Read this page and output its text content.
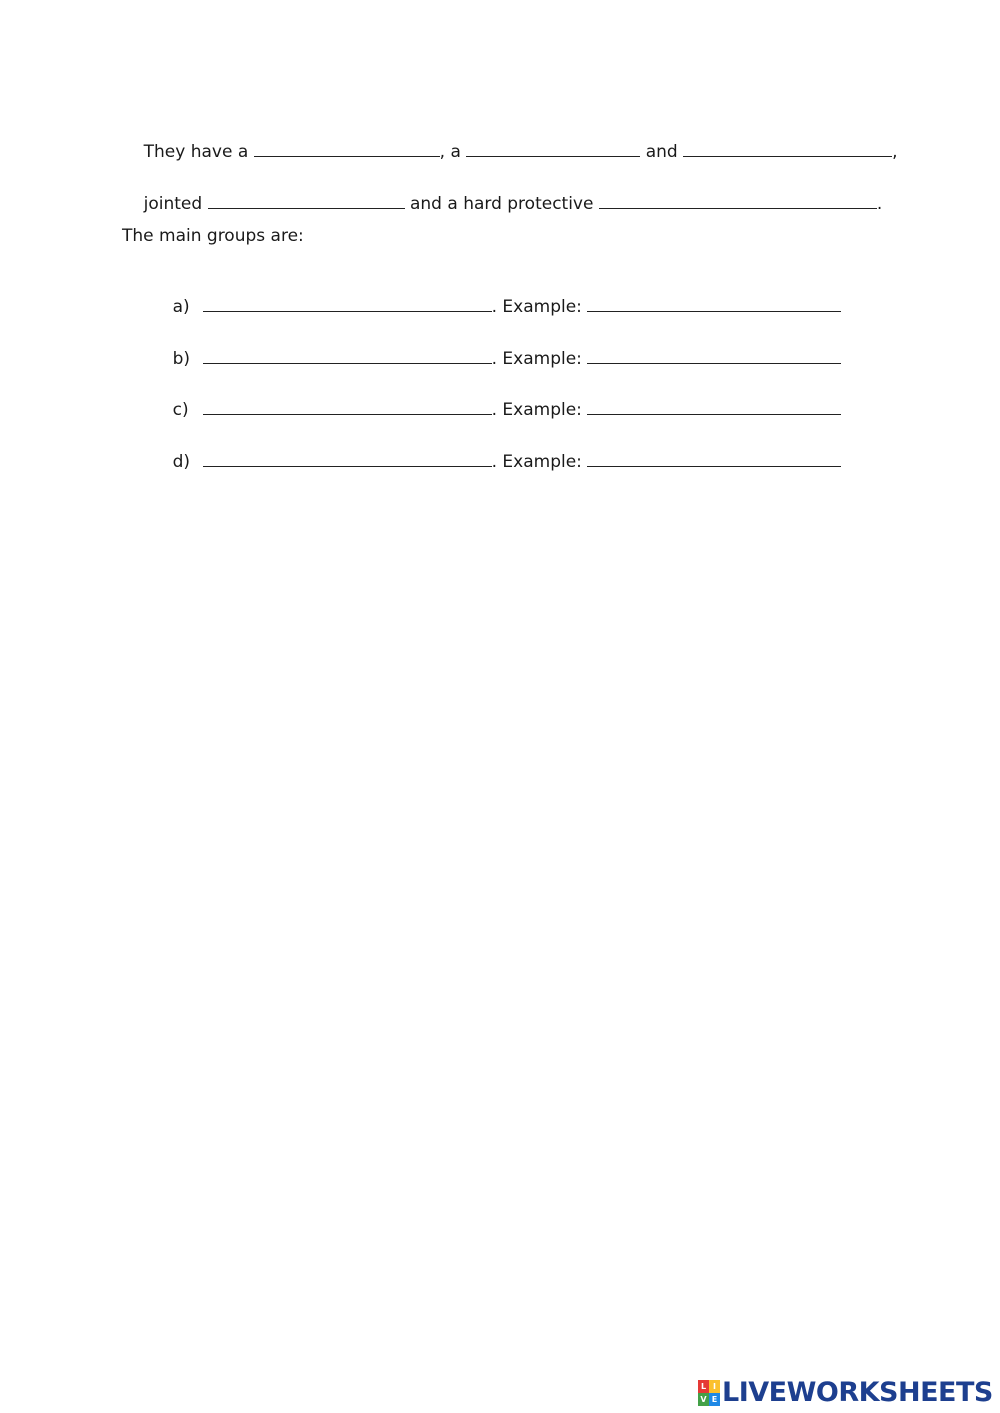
They have a	, a	and	,

jointed	and a hard protective	.

The main groups are:

a)	. Example:

b)	. Example:

c)	. Example:

d)	. Example:

L I
V E LIVEWORKSHEETS
